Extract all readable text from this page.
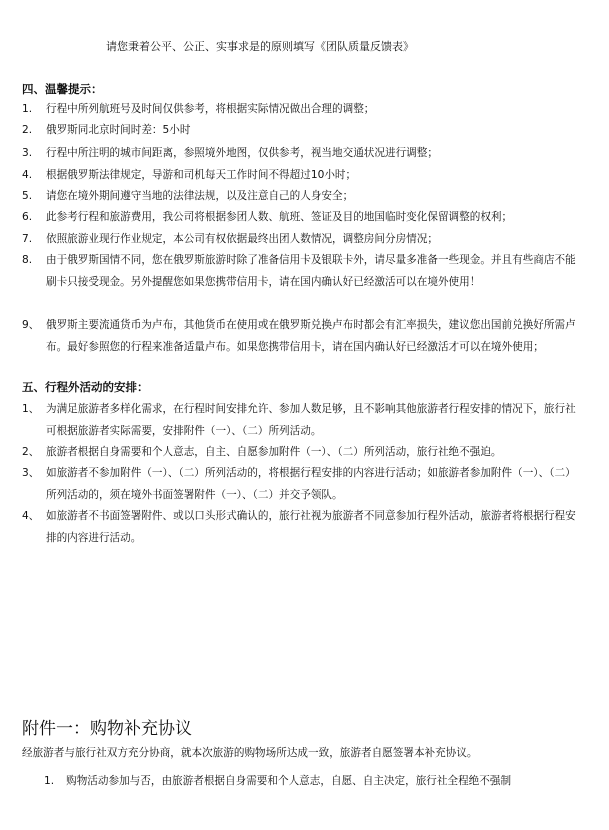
请您秉着公平、公正、实事求是的原则填写《团队质量反馈表》
四、温馨提示：
1. 行程中所列航班号及时间仅供参考，将根据实际情况做出合理的调整；
2. 俄罗斯同北京时间时差：5小时
3. 行程中所注明的城市间距离，参照境外地图，仅供参考，视当地交通状况进行调整；
4. 根据俄罗斯法律规定，导游和司机每天工作时间不得超过10小时；
5. 请您在境外期间遵守当地的法律法规，以及注意自己的人身安全；
6. 此参考行程和旅游费用，我公司将根据参团人数、航班、签证及目的地国临时变化保留调整的权利；
7. 依照旅游业现行作业规定，本公司有权依据最终出团人数情况，调整房间分房情况；
8. 由于俄罗斯国情不同，您在俄罗斯旅游时除了准备信用卡及银联卡外，请尽量多准备一些现金。并且有些商店不能刷卡只接受现金。另外提醒您如果您携带信用卡，请在国内确认好已经激活可以在境外使用！
9、 俄罗斯主要流通货币为卢布，其他货币在使用或在俄罗斯兑换卢布时都会有汇率损失，建议您出国前兑换好所需卢布。最好参照您的行程来准备适量卢布。如果您携带信用卡，请在国内确认好已经激活才可以在境外使用；
五、行程外活动的安排：
1、 为满足旅游者多样化需求，在行程时间安排允许、参加人数足够，且不影响其他旅游者行程安排的情况下，旅行社可根据旅游者实际需要，安排附件（一）、（二）所列活动。
2、 旅游者根据自身需要和个人意志，自主、自愿参加附件（一）、（二）所列活动，旅行社绝不强迫。
3、 如旅游者不参加附件（一）、（二）所列活动的，将根据行程安排的内容进行活动；如旅游者参加附件（一）、（二）所列活动的，须在境外书面签署附件（一）、（二）并交予领队。
4、 如旅游者不书面签署附件、或以口头形式确认的，旅行社视为旅游者不同意参加行程外活动，旅游者将根据行程安排的内容进行活动。
附件一：购物补充协议
经旅游者与旅行社双方充分协商，就本次旅游的购物场所达成一致，旅游者自愿签署本补充协议。
1. 购物活动参加与否，由旅游者根据自身需要和个人意志，自愿、自主决定，旅行社全程绝不强制
